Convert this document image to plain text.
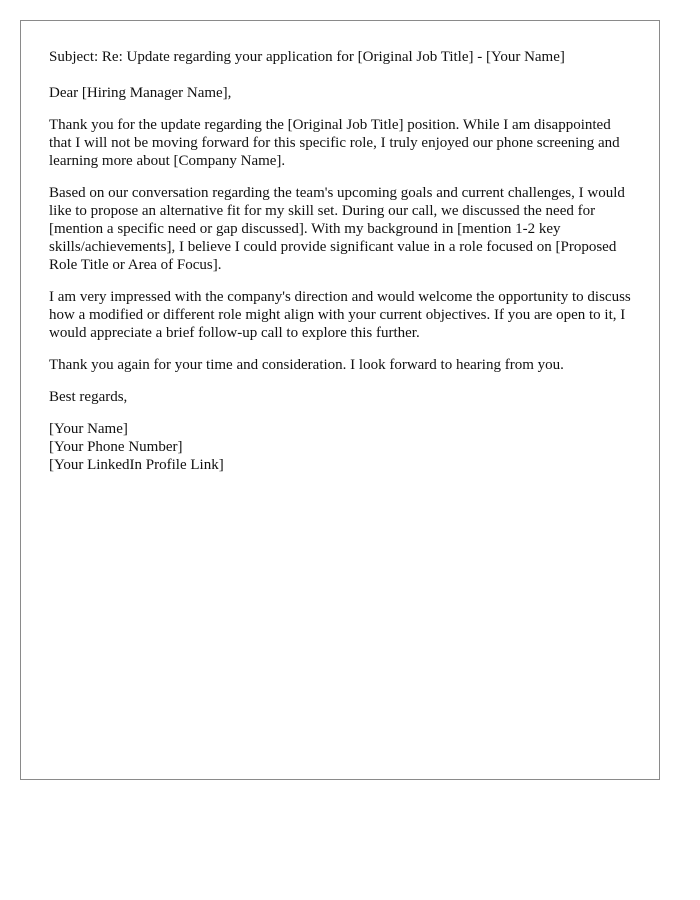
Subject: Re: Update regarding your application for [Original Job Title] - [Your Name]

Dear [Hiring Manager Name],

Thank you for the update regarding the [Original Job Title] position. While I am disappointed that I will not be moving forward for this specific role, I truly enjoyed our phone screening and learning more about [Company Name].

Based on our conversation regarding the team's upcoming goals and current challenges, I would like to propose an alternative fit for my skill set. During our call, we discussed the need for [mention a specific need or gap discussed]. With my background in [mention 1-2 key skills/achievements], I believe I could provide significant value in a role focused on [Proposed Role Title or Area of Focus].

I am very impressed with the company's direction and would welcome the opportunity to discuss how a modified or different role might align with your current objectives. If you are open to it, I would appreciate a brief follow-up call to explore this further.

Thank you again for your time and consideration. I look forward to hearing from you.

Best regards,

[Your Name]
[Your Phone Number]
[Your LinkedIn Profile Link]
